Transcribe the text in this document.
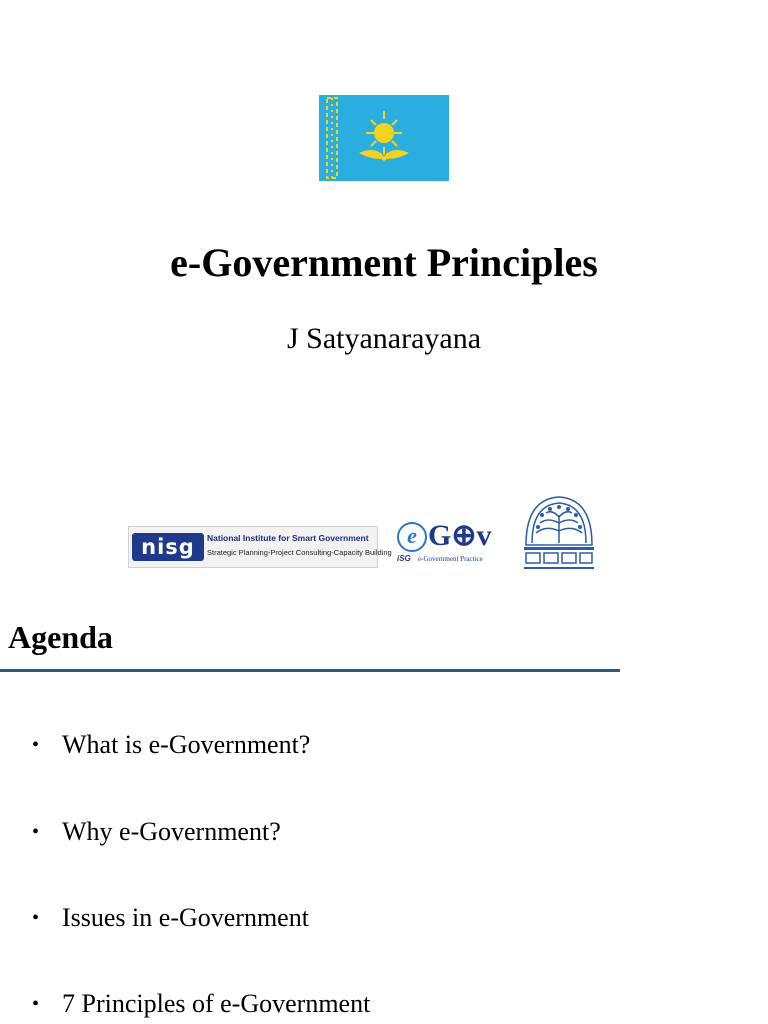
e-Government Principles
J Satyanarayana
nisg	National Institute for Smart Government
Strategic Planning-Project Consulting-Capacity Building
e G⊕v
iSG e-Government Practice
Agenda
• What is e-Government?
• Why e-Government?
• Issues in e-Government
• 7 Principles of e-Government
